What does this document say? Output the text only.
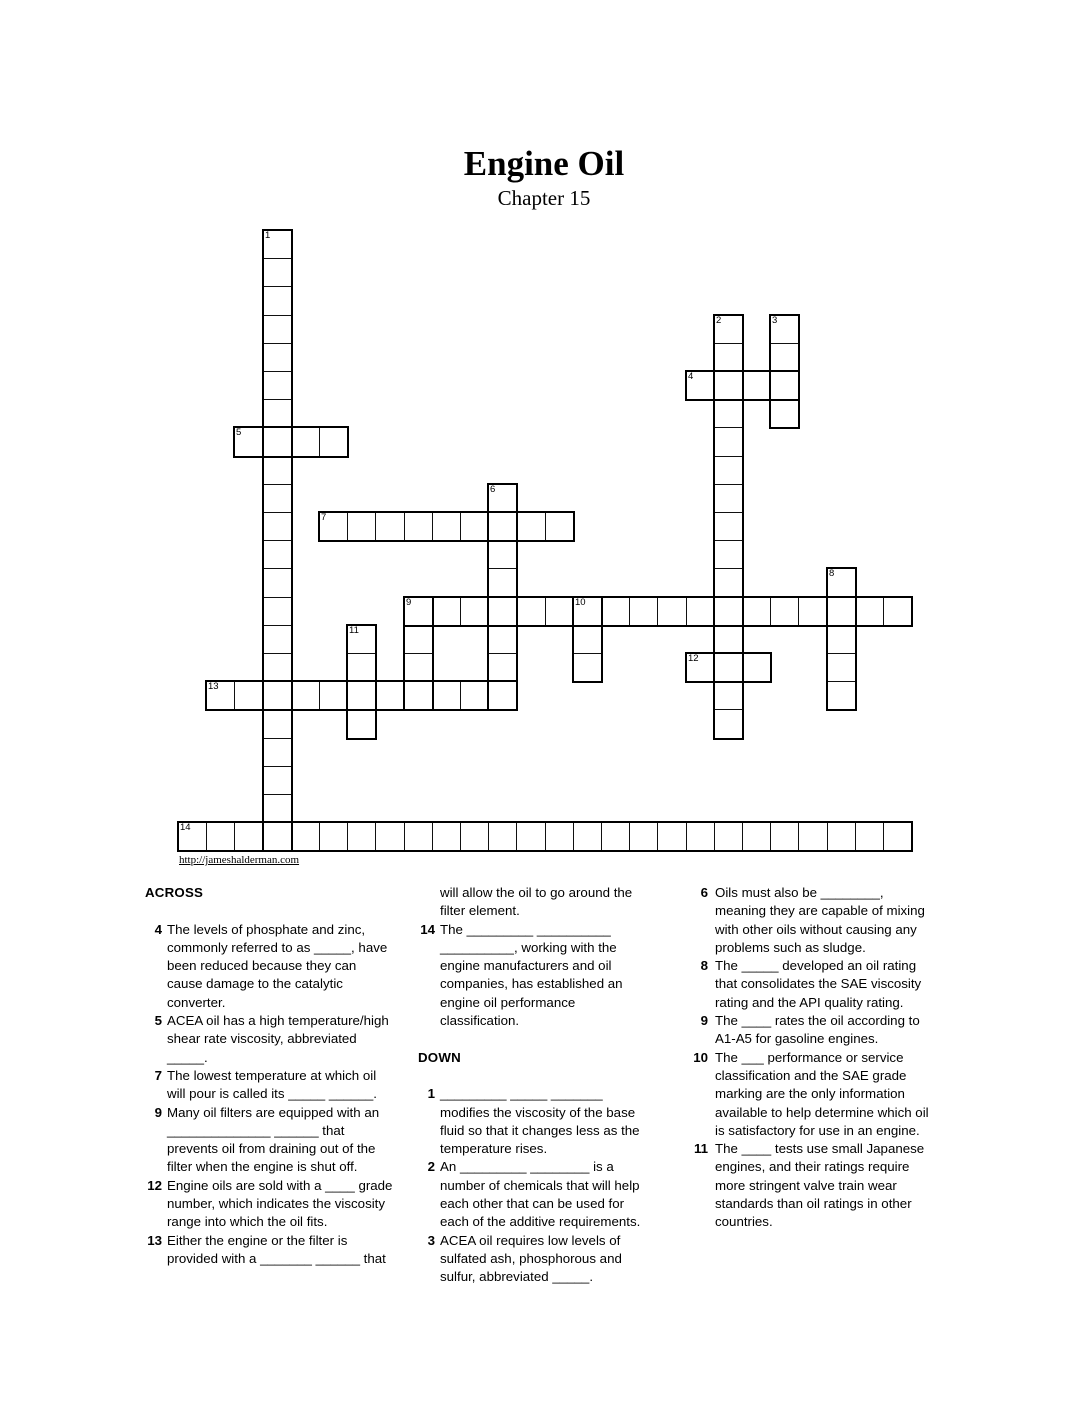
Engine Oil
Chapter 15
1
2	3
4
5
6
7
8
9	10
11
12
13
14
http://jameshalderman.com
ACROSS
4 The levels of phosphate and zinc, commonly referred to as _____, have been reduced because they can cause damage to the catalytic converter.
5 ACEA oil has a high temperature/high shear rate viscosity, abbreviated _____.
7 The lowest temperature at which oil will pour is called its _____ ______.
9 Many oil filters are equipped with an ______________ ______ that prevents oil from draining out of the filter when the engine is shut off.
12 Engine oils are sold with a ____ grade number, which indicates the viscosity range into which the oil fits.
13 Either the engine or the filter is provided with a _______ ______ that
will allow the oil to go around the filter element.
14 The _________ __________ __________, working with the engine manufacturers and oil companies, has established an engine oil performance classification.
DOWN
1 _________ _____ _______ modifies the viscosity of the base fluid so that it changes less as the temperature rises.
2 An _________ ________ is a number of chemicals that will help each other that can be used for each of the additive requirements.
3 ACEA oil requires low levels of sulfated ash, phosphorous and sulfur, abbreviated _____.
6 Oils must also be ________, meaning they are capable of mixing with other oils without causing any problems such as sludge.
8 The _____ developed an oil rating that consolidates the SAE viscosity rating and the API quality rating.
9 The ____ rates the oil according to A1-A5 for gasoline engines.
10 The ___ performance or service classification and the SAE grade marking are the only information available to help determine which oil is satisfactory for use in an engine.
11 The ____ tests use small Japanese engines, and their ratings require more stringent valve train wear standards than oil ratings in other countries.
